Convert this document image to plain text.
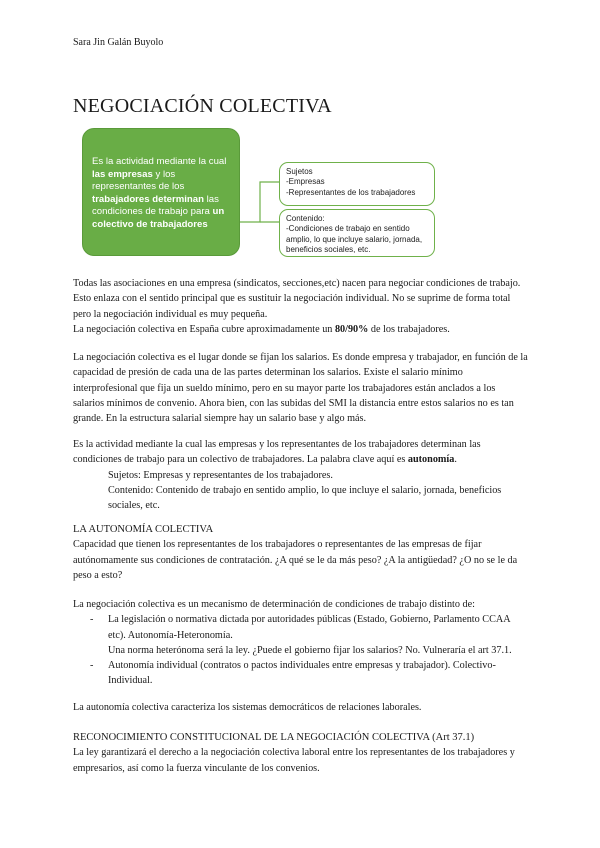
Sara Jin Galán Buyolo
NEGOCIACIÓN COLECTIVA
Es la actividad mediante la cual las empresas y los representantes de los trabajadores determinan las condiciones de trabajo para un colectivo de trabajadores
Sujetos
-Empresas
-Representantes de los trabajadores
Contenido:
-Condiciones de trabajo en sentido amplio, lo que incluye salario, jornada, beneficios sociales, etc.

Todas las asociaciones en una empresa (sindicatos, secciones,etc) nacen para negociar condiciones de trabajo. Esto enlaza con el sentido principal que es sustituir la negociación individual. No se suprime de forma total pero la negociación individual es muy pequeña.

La negociación colectiva en España cubre aproximadamente un 80/90% de los trabajadores.

La negociación colectiva es el lugar donde se fijan los salarios. Es donde empresa y trabajador, en función de la capacidad de presión de cada una de las partes determinan los salarios. Existe el salario mínimo interprofesional que fija un sueldo mínimo, pero en su mayor parte los trabajadores están anclados a los salarios mínimos de convenio. Ahora bien, con las subidas del SMI la distancia entre estos salarios no es tan grande. En la estructura salarial siempre hay un salario base y algo más.

Es la actividad mediante la cual las empresas y los representantes de los trabajadores determinan las condiciones de trabajo para un colectivo de trabajadores. La palabra clave aquí es autonomía.

Sujetos: Empresas y representantes de los trabajadores.

Contenido: Contenido de trabajo en sentido amplio, lo que incluye el salario, jornada, beneficios sociales, etc.

LA AUTONOMÍA COLECTIVA

Capacidad que tienen los representantes de los trabajadores o representantes de las empresas de fijar autónomamente sus condiciones de contratación. ¿A qué se le da más peso? ¿A la antigüedad? ¿O no se le da peso a esto?

La negociación colectiva es un mecanismo de determinación de condiciones de trabajo distinto de:

- La legislación o normativa dictada por autoridades públicas (Estado, Gobierno, Parlamento CCAA etc). Autonomía-Heteronomía.

Una norma heterónoma será la ley. ¿Puede el gobierno fijar los salarios? No. Vulneraría el art 37.1.

- Autonomía individual (contratos o pactos individuales entre empresas y trabajador). Colectivo-Individual.

La autonomía colectiva caracteriza los sistemas democráticos de relaciones laborales.

RECONOCIMIENTO CONSTITUCIONAL DE LA NEGOCIACIÓN COLECTIVA (Art 37.1)

La ley garantizará el derecho a la negociación colectiva laboral entre los representantes de los trabajadores y empresarios, así como la fuerza vinculante de los convenios.
